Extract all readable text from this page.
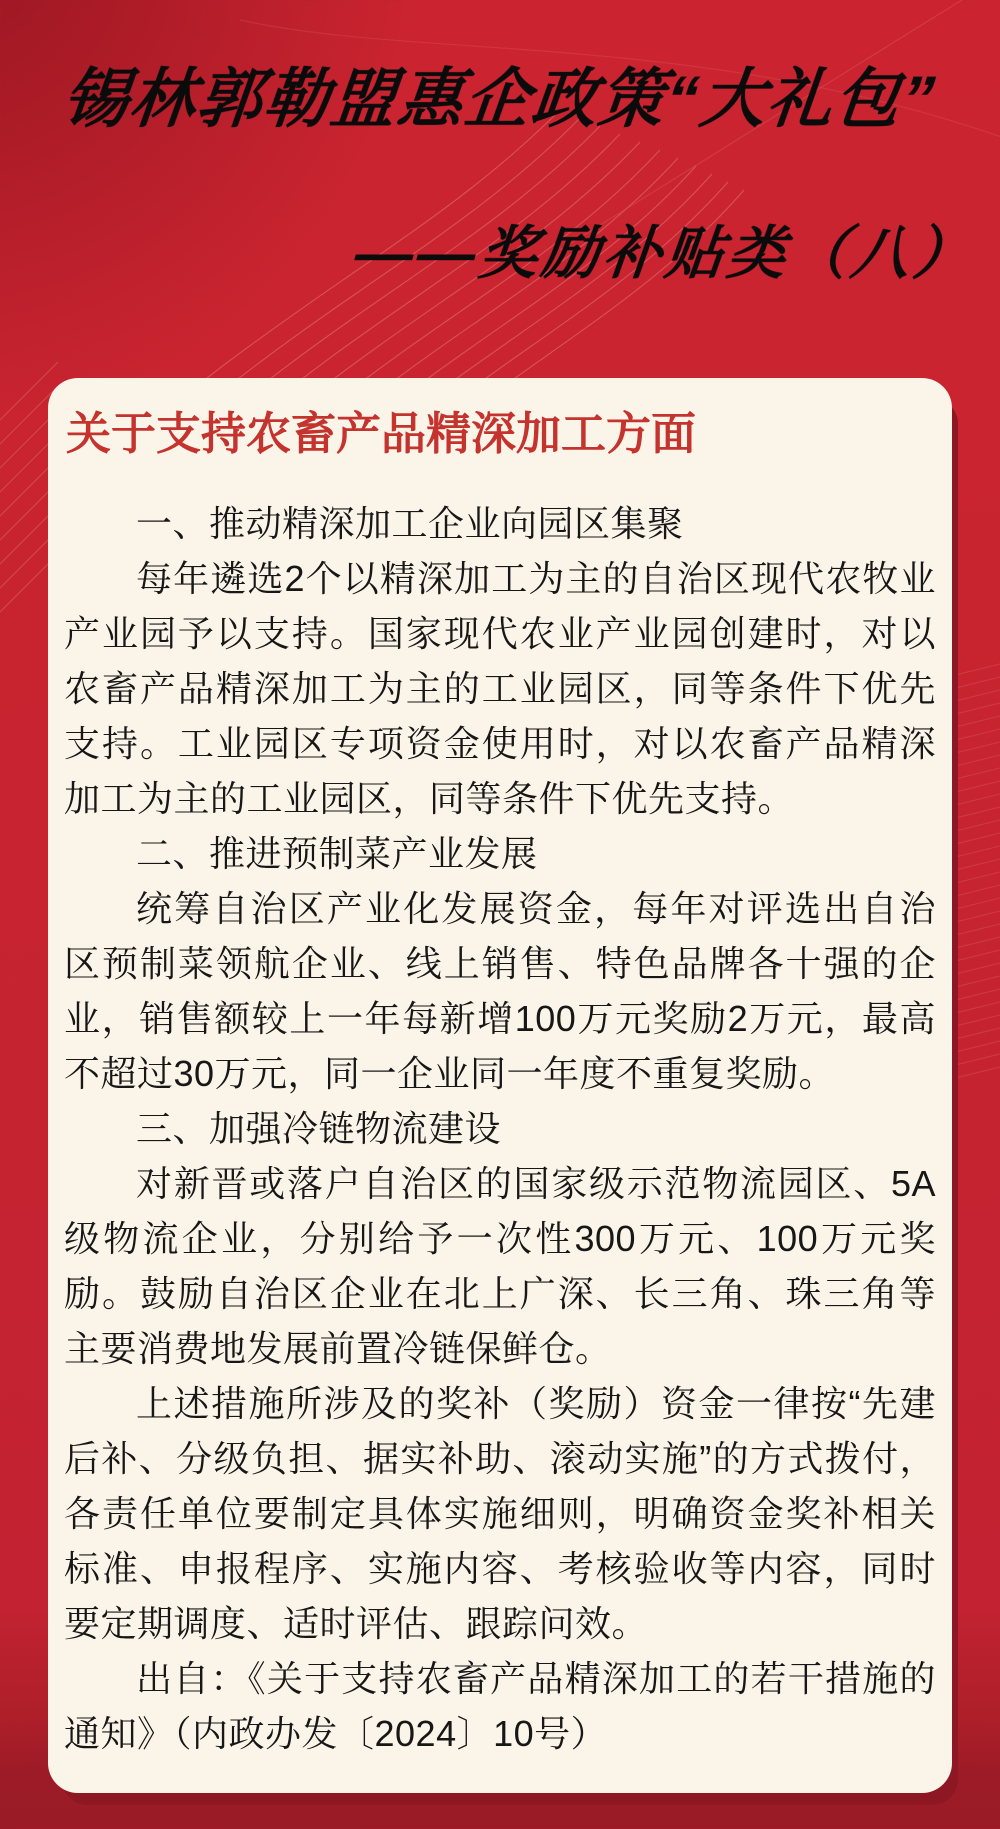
锡林郭勒盟惠企政策“大礼包”
——奖励补贴类（八）
关于支持农畜产品精深加工方面

一、推动精深加工企业向园区集聚

每年遴选2个以精深加工为主的自治区现代农牧业产业园予以支持。国家现代农业产业园创建时，对以农畜产品精深加工为主的工业园区，同等条件下优先支持。工业园区专项资金使用时，对以农畜产品精深加工为主的工业园区，同等条件下优先支持。

二、推进预制菜产业发展

统筹自治区产业化发展资金，每年对评选出自治区预制菜领航企业、线上销售、特色品牌各十强的企业，销售额较上一年每新增100万元奖励2万元，最高不超过30万元，同一企业同一年度不重复奖励。

三、加强冷链物流建设

对新晋或落户自治区的国家级示范物流园区、5A级物流企业，分别给予一次性300万元、100万元奖励。鼓励自治区企业在北上广深、长三角、珠三角等主要消费地发展前置冷链保鲜仓。

上述措施所涉及的奖补（奖励）资金一律按“先建后补、分级负担、据实补助、滚动实施”的方式拨付，各责任单位要制定具体实施细则，明确资金奖补相关标准、申报程序、实施内容、考核验收等内容，同时要定期调度、适时评估、跟踪问效。

出自：《关于支持农畜产品精深加工的若干措施的通知》（内政办发〔2024〕10号）
